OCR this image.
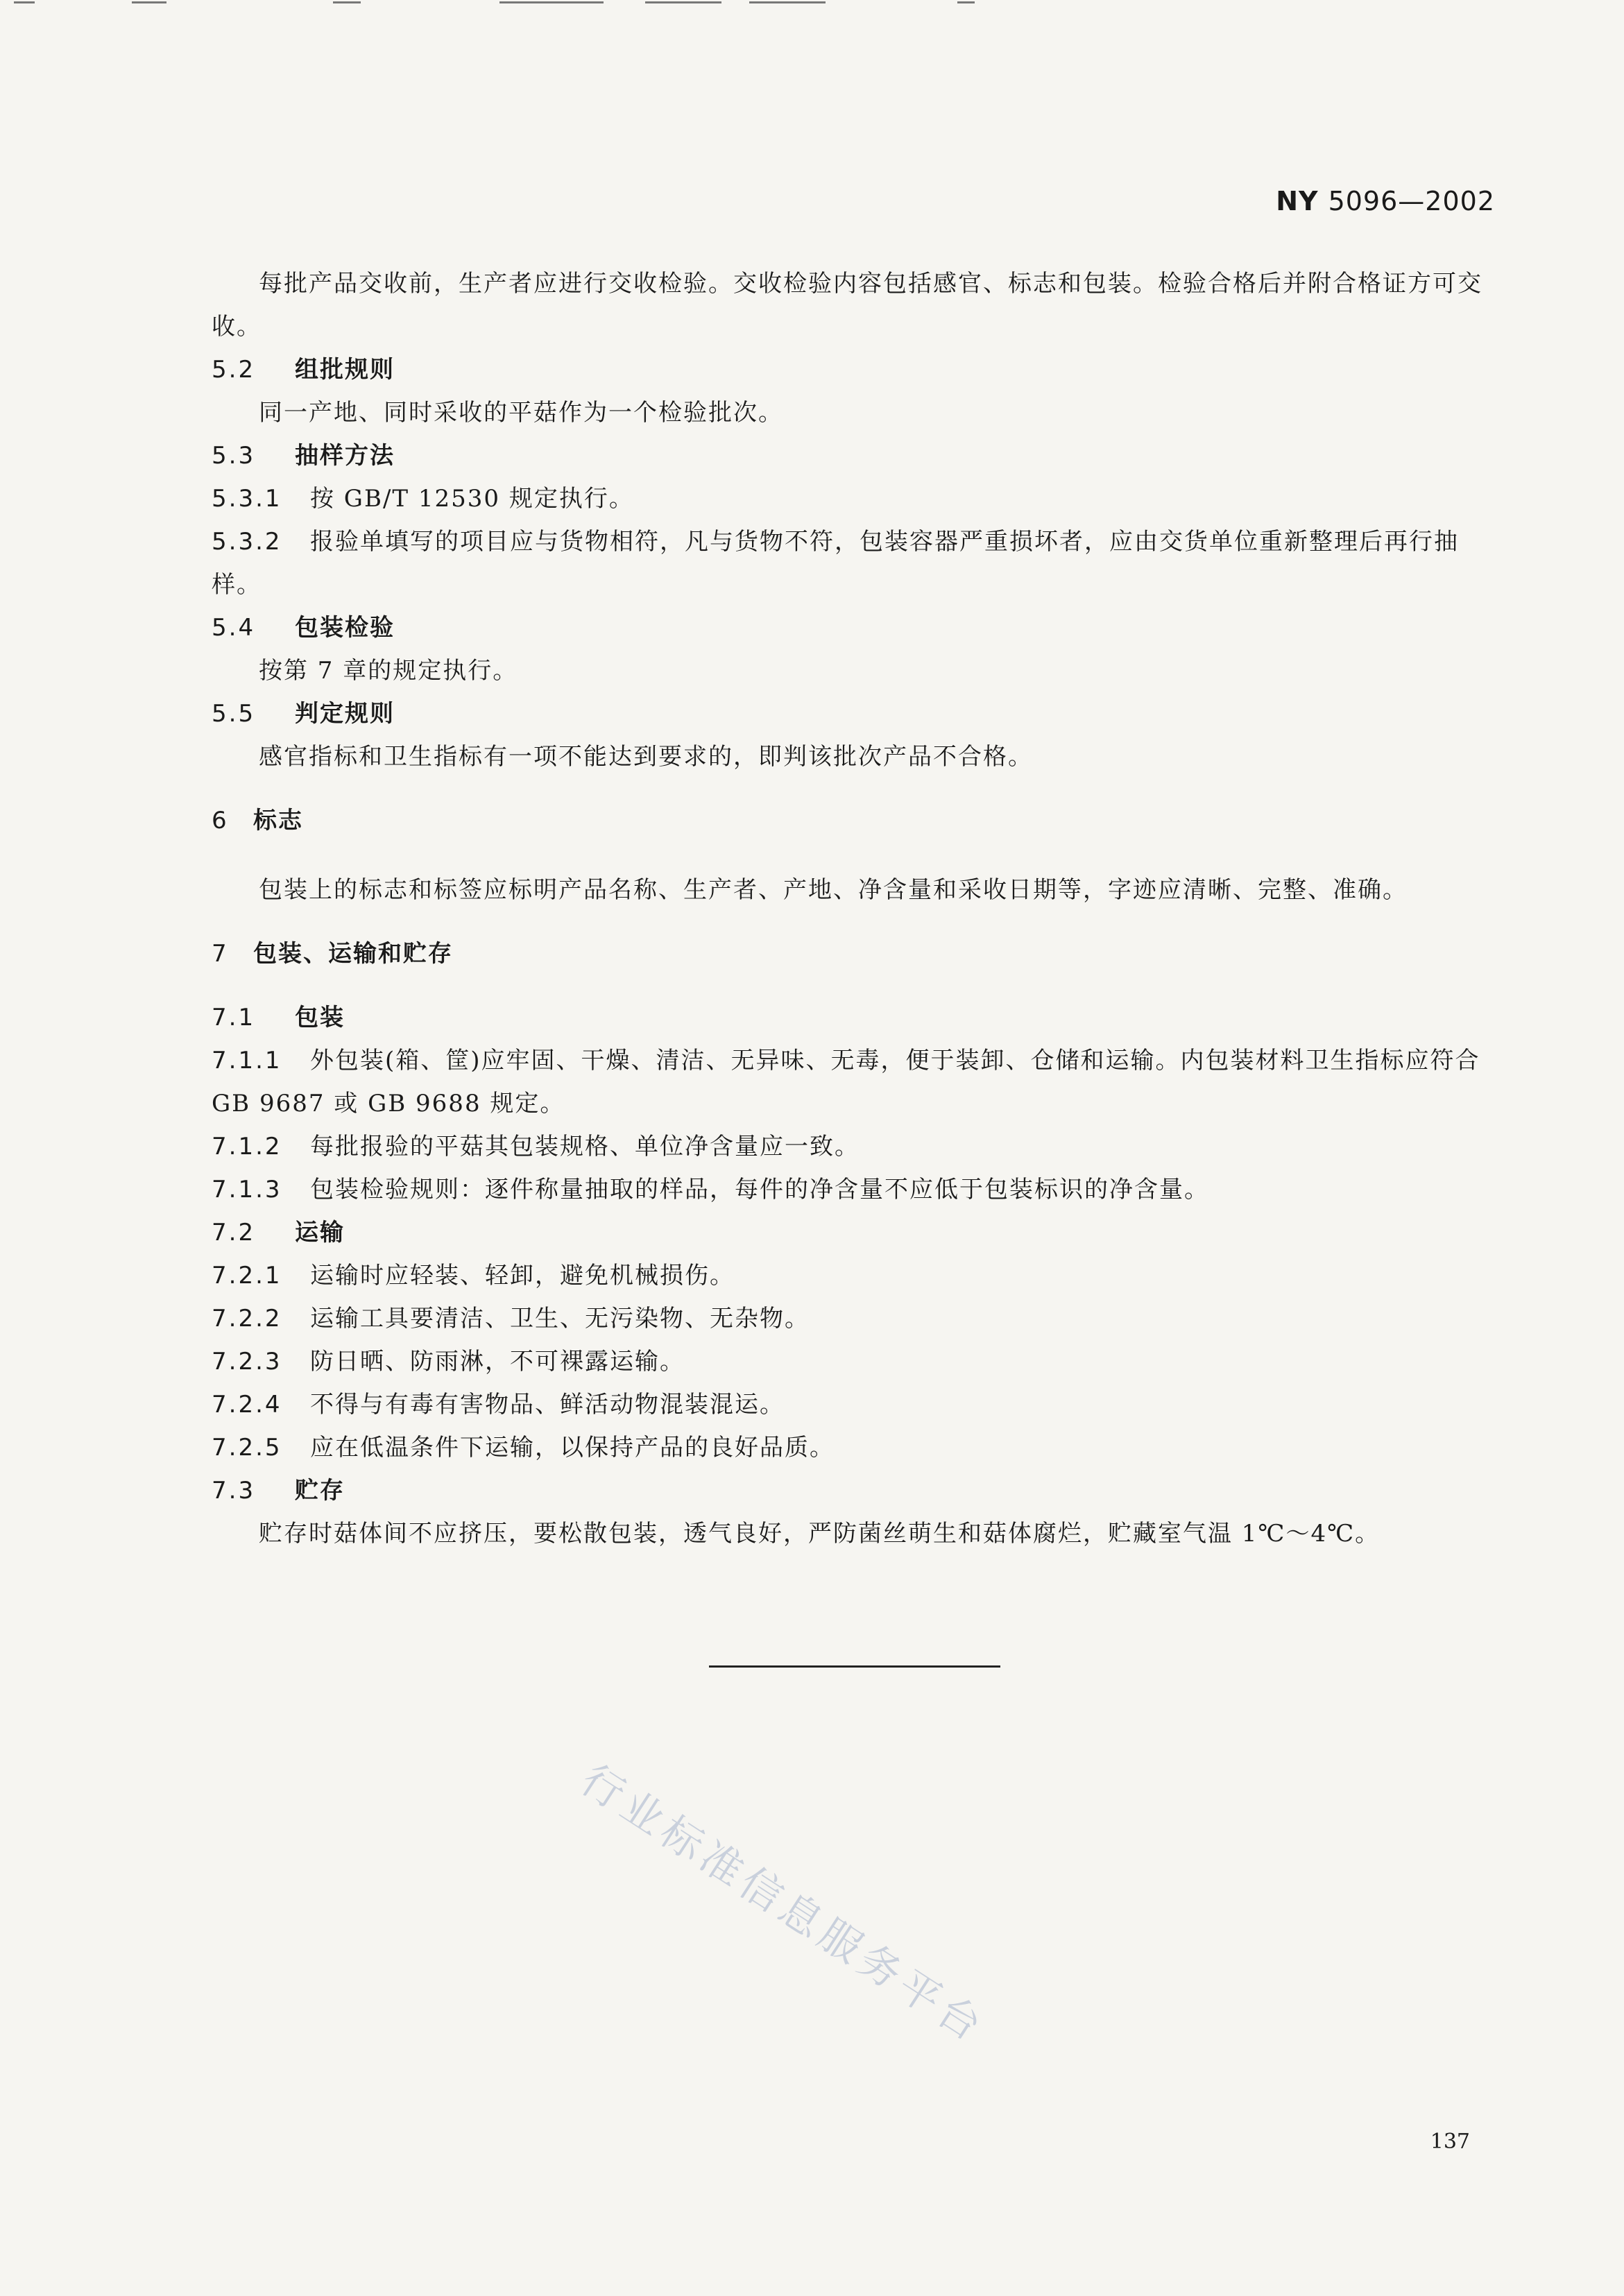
NY 5096—2002

每批产品交收前，生产者应进行交收检验。交收检验内容包括感官、标志和包装。检验合格后并附合格证方可交收。

5.2 组批规则

同一产地、同时采收的平菇作为一个检验批次。

5.3 抽样方法

5.3.1 按 GB/T 12530 规定执行。

5.3.2 报验单填写的项目应与货物相符，凡与货物不符，包装容器严重损坏者，应由交货单位重新整理后再行抽样。

5.4 包装检验

按第 7 章的规定执行。

5.5 判定规则

感官指标和卫生指标有一项不能达到要求的，即判该批次产品不合格。

6 标志

包装上的标志和标签应标明产品名称、生产者、产地、净含量和采收日期等，字迹应清晰、完整、准确。

7 包装、运输和贮存

7.1 包装

7.1.1 外包装(箱、筐)应牢固、干燥、清洁、无异味、无毒，便于装卸、仓储和运输。内包装材料卫生指标应符合 GB 9687 或 GB 9688 规定。

7.1.2 每批报验的平菇其包装规格、单位净含量应一致。

7.1.3 包装检验规则：逐件称量抽取的样品，每件的净含量不应低于包装标识的净含量。

7.2 运输

7.2.1 运输时应轻装、轻卸，避免机械损伤。

7.2.2 运输工具要清洁、卫生、无污染物、无杂物。

7.2.3 防日晒、防雨淋，不可裸露运输。

7.2.4 不得与有毒有害物品、鲜活动物混装混运。

7.2.5 应在低温条件下运输，以保持产品的良好品质。

7.3 贮存

贮存时菇体间不应挤压，要松散包装，透气良好，严防菌丝萌生和菇体腐烂，贮藏室气温 1℃～4℃。

行业标准信息服务平台
137
